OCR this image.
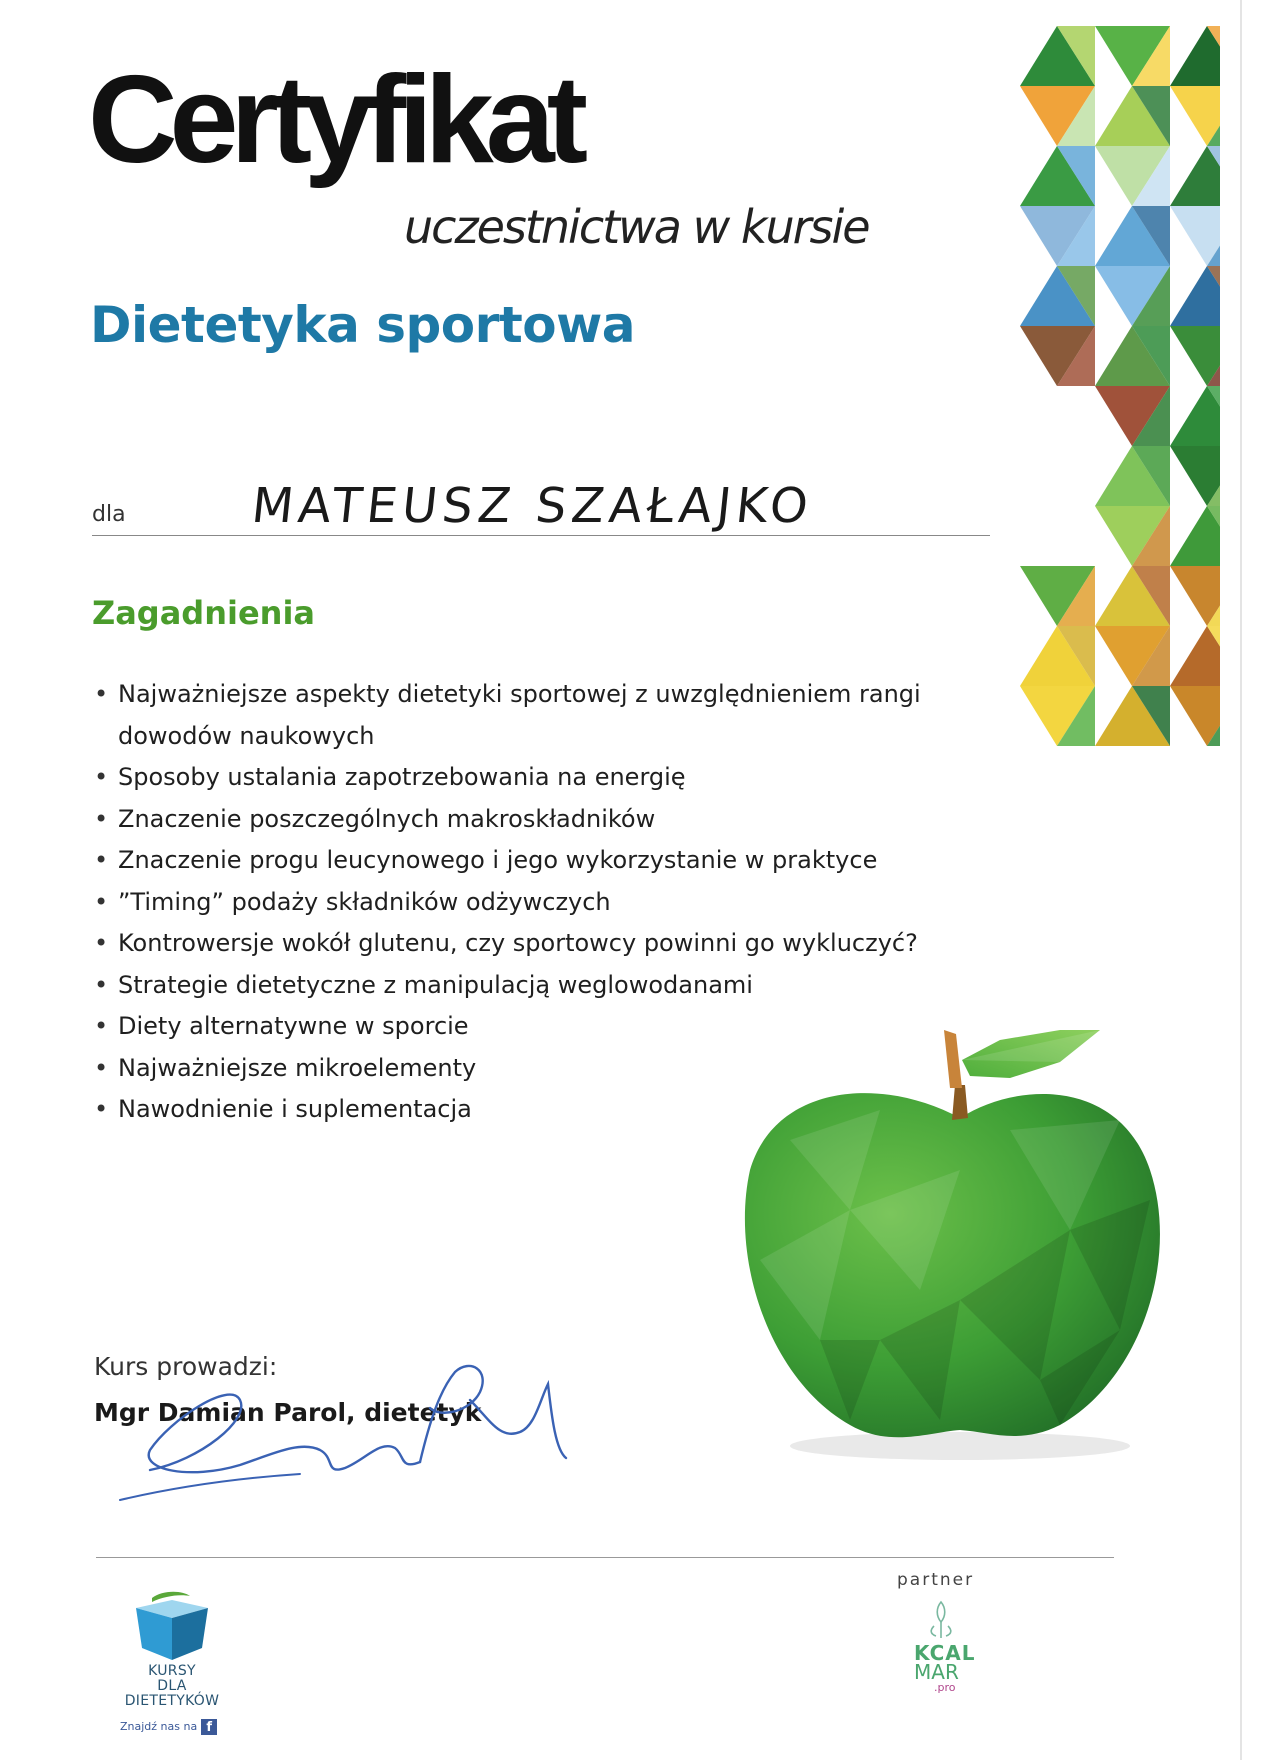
Certyfikat
uczestnictwa w kursie
Dietetyka sportowa
dla	MATEUSZ SZAŁAJKO
Zagadnienia
• Najważniejsze aspekty dietetyki sportowej z uwzględnieniem rangi
dowodów naukowych
• Sposoby ustalania zapotrzebowania na energię
• Znaczenie poszczególnych makroskładników
• Znaczenie progu leucynowego i jego wykorzystanie w praktyce
• ”Timing” podaży składników odżywczych
• Kontrowersje wokół glutenu, czy sportowcy powinni go wykluczyć?
• Strategie dietetyczne z manipulacją weglowodanami
• Diety alternatywne w sporcie
• Najważniejsze mikroelementy
• Nawodnienie i suplementacja
Kurs prowadzi:
Mgr Damian Parol, dietetyk
KURSY
DLA
DIETETYKÓW
Znajdź nas na f
partner
KCAL
MAR
.pro
